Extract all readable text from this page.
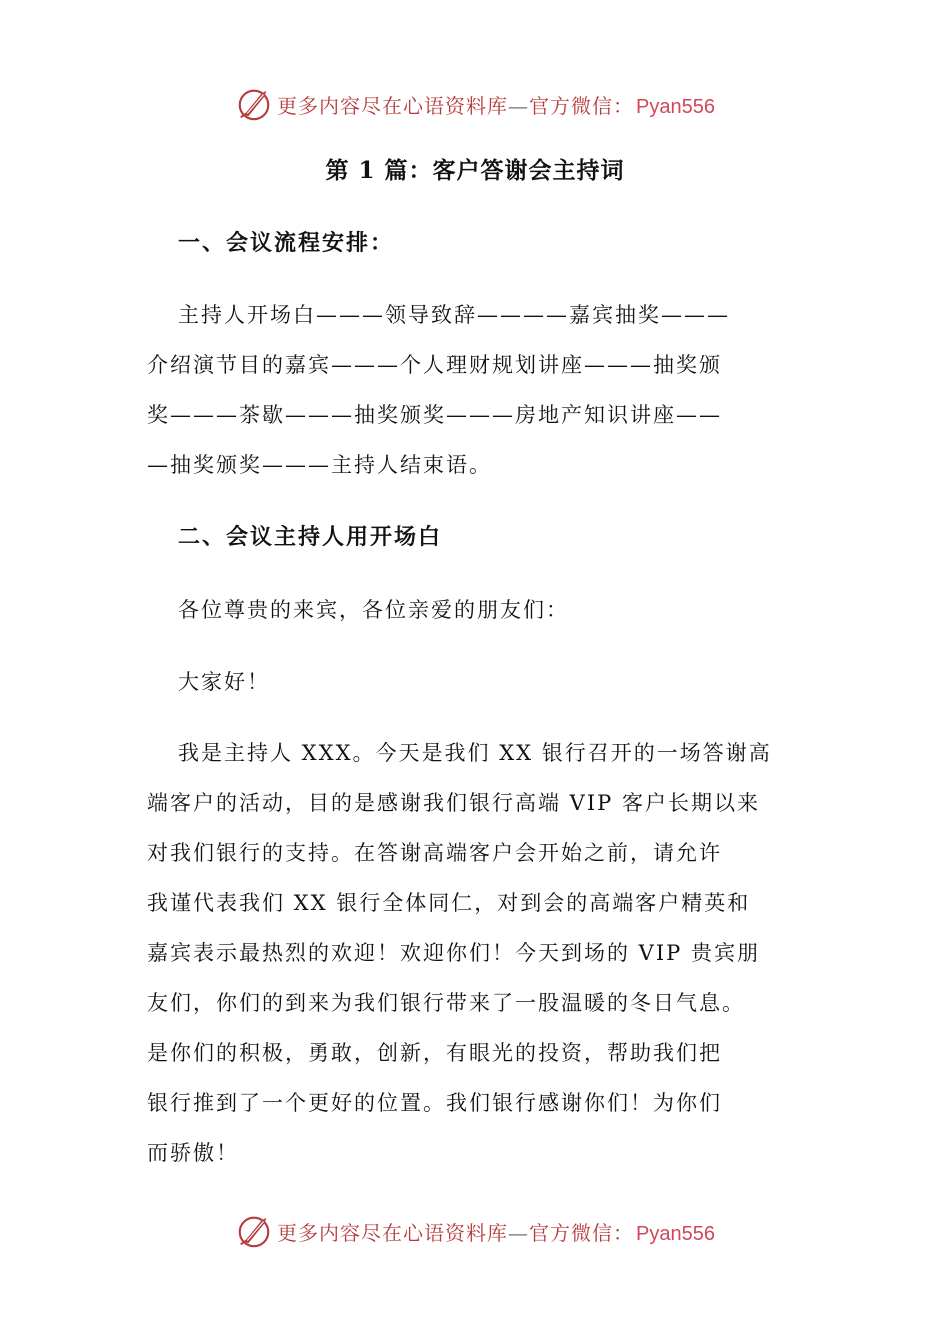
更多内容尽在心语资料库—官方微信： Pyan556
第 1 篇：客户答谢会主持词
一、会议流程安排：
主持人开场白———领导致辞————嘉宾抽奖———
介绍演节目的嘉宾———个人理财规划讲座———抽奖颁
奖———茶歇———抽奖颁奖———房地产知识讲座——
—抽奖颁奖———主持人结束语。
二、会议主持人用开场白
各位尊贵的来宾，各位亲爱的朋友们：
大家好！
我是主持人 XXX。今天是我们 XX 银行召开的一场答谢高
端客户的活动，目的是感谢我们银行高端 VIP 客户长期以来
对我们银行的支持。在答谢高端客户会开始之前，请允许
我谨代表我们 XX 银行全体同仁，对到会的高端客户精英和
嘉宾表示最热烈的欢迎！欢迎你们！今天到场的 VIP 贵宾朋
友们，你们的到来为我们银行带来了一股温暖的冬日气息。
是你们的积极，勇敢，创新，有眼光的投资，帮助我们把
银行推到了一个更好的位置。我们银行感谢你们！为你们
而骄傲！
更多内容尽在心语资料库—官方微信： Pyan556
